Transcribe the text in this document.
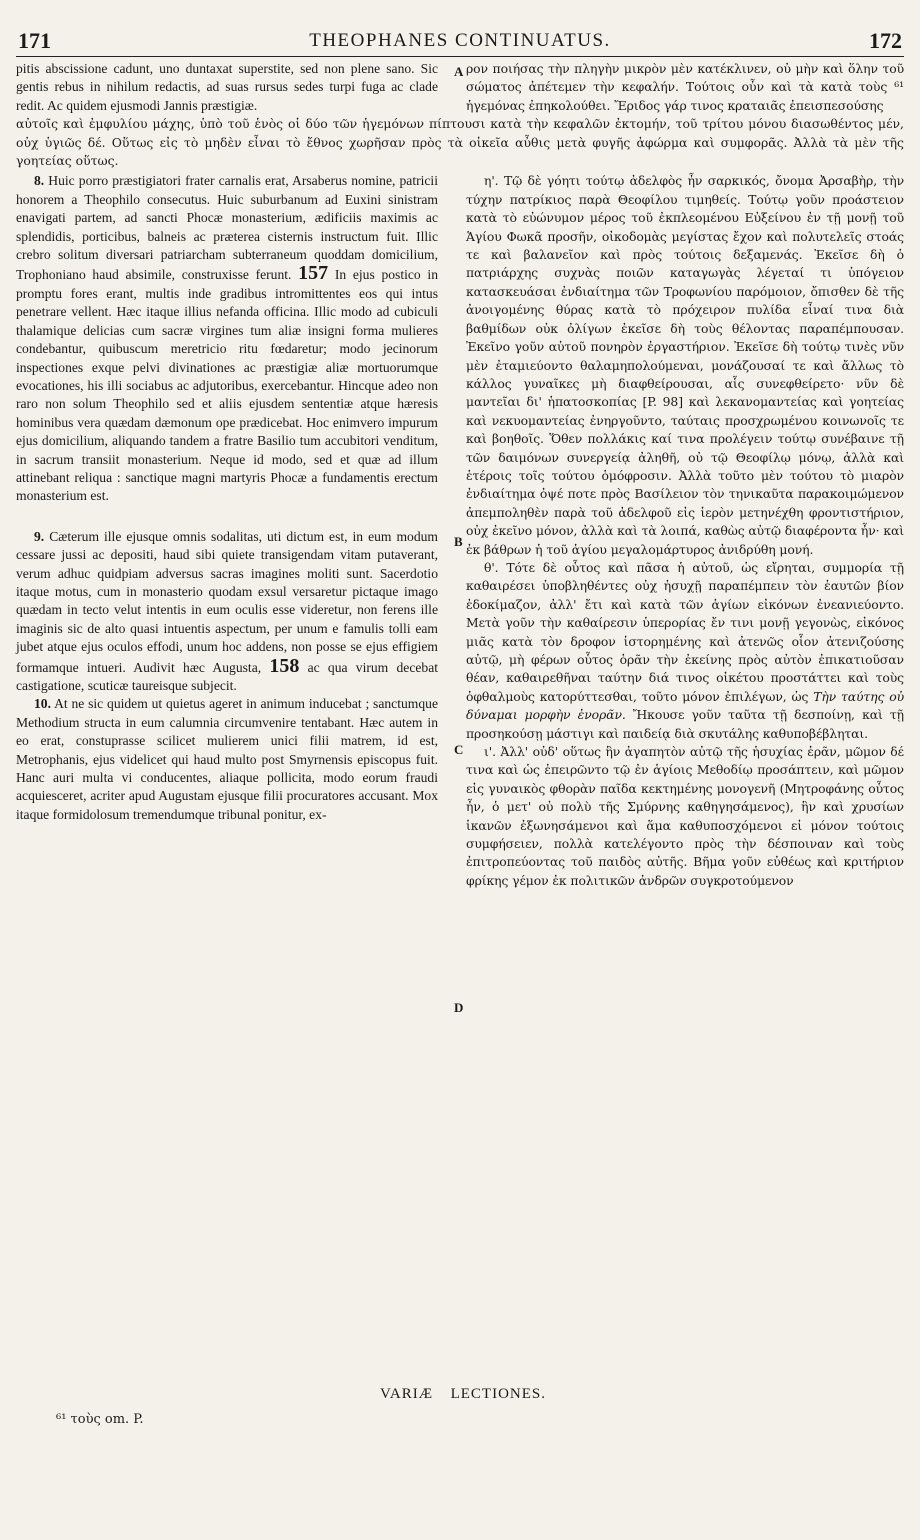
171	THEOPHANES CONTINUATUS.	172

pitis abscissione cadunt, uno duntaxat superstite, sed non plene sano. Sic gentis rebus in nihilum redactis, ad suas rursus sedes turpi fuga ac clade redit. Ac quidem ejusmodi Jannis præstigiæ.

ρον ποιήσας τὴν πληγὴν μικρὸν μὲν κατέκλινεν, οὐ μὴν καὶ ὅλην τοῦ σώματος ἀπέτεμεν τὴν κεφαλήν. Τούτοις οὖν καὶ τὰ κατὰ τοὺς ⁶¹ ἡγεμόνας ἐπηκολούθει. Ἔριδος γάρ τινος κραταιᾶς ἐπεισπεσούσης

αὐτοῖς καὶ ἐμφυλίου μάχης, ὑπὸ τοῦ ἑνὸς οἱ δύο τῶν ἡγεμόνων πίπτουσι κατὰ τὴν κεφαλῶν ἐκτομήν, τοῦ τρίτου μόνου διασωθέντος μέν, οὐχ ὑγιῶς δέ. Οὕτως εἰς τὸ μηδὲν εἶναι τὸ ἔθνος χωρῆσαν πρὸς τὰ οἰκεῖα αὖθις μετὰ φυγῆς ἀφώρμα καὶ συμφορᾶς. Ἀλλὰ τὰ μὲν τῆς γοητείας οὕτως.

8. Huic porro præstigiatori frater carnalis erat, Arsaberus nomine, patricii honorem a Theophilo consecutus. Huic suburbanum ad Euxini sinistram enavigati partem, ad sancti Phocæ monasterium, ædificiis maximis ac splendidis, porticibus, balneis ac præterea cisternis instructum fuit. Illic crebro solitum diversari patriarcham subterraneum quoddam domicilium, Trophoniano haud absimile, construxisse ferunt. 157 In ejus postico in promptu fores erant, multis inde gradibus intromittentes eos qui intus penetrare vellent. Hæc itaque illius nefanda officina. Illic modo ad cubiculi thalamique delicias cum sacræ virgines tum aliæ insigni forma mulieres condebantur, quibuscum meretricio ritu fœdaretur; modo jecinorum inspectiones exque pelvi divinationes ac præstigiæ aliæ mortuorumque evocationes, his illi sociabus ac adjutoribus, exercebantur. Hincque adeo non raro non solum Theophilo sed et aliis ejusdem sententiæ atque hæresis hominibus vera quædam dæmonum ope prædicebat. Hoc enimvero impurum ejus domicilium, aliquando tandem a fratre Basilio tum accubitori venditum, in sacrum transiit monasterium. Neque id modo, sed et quæ ad illum attinebant reliqua : sanctique magni martyris Phocæ a fundamentis erectum monasterium est.

9. Cæterum ille ejusque omnis sodalitas, uti dictum est, in eum modum cessare jussi ac depositi, haud sibi quiete transigendam vitam putaverant, verum adhuc quidpiam adversus sacras imagines moliti sunt. Sacerdotio itaque motus, cum in monasterio quodam exsul versaretur pictaque imago quædam in tecto velut intentis in eum oculis esse videretur, non ferens ille imaginis sic de alto quasi intuentis aspectum, per unum e famulis tolli eam jubet atque ejus oculos effodi, unum hoc addens, non posse se ejus effigiem formamque intueri. Audivit hæc Augusta, 158 ac qua virum decebat castigatione, scuticæ taureisque subjecit.

10. At ne sic quidem ut quietus ageret in animum inducebat ; sanctumque Methodium structa in eum calumnia circumvenire tentabant. Hæc autem in eo erat, constuprasse scilicet mulierem unici filii matrem, id est, Metrophanis, ejus videlicet qui haud multo post Smyrnensis episcopus fuit. Hanc auri multa vi conducentes, aliaque pollicita, modo eorum fraudi acquiesceret, acriter apud Augustam ejusque filii procuratores accusant. Mox itaque formidolosum tremendumque tribunal ponitur, ex-

η'. Τῷ δὲ γόητι τούτῳ ἀδελφὸς ἦν σαρκικός, ὄνομα Ἀρσαβὴρ, τὴν τύχην πατρίκιος παρὰ Θεοφίλου τιμηθείς. Τούτῳ γοῦν προάστειον κατὰ τὸ εὐώνυμον μέρος τοῦ ἐκπλεομένου Εὐξείνου ἐν τῇ μονῇ τοῦ Ἁγίου Φωκᾶ προσῆν, οἰκοδομὰς μεγίστας ἔχον καὶ πολυτελεῖς στοάς τε καὶ βαλανεῖον καὶ πρὸς τούτοις δεξαμενάς. Ἐκεῖσε δὴ ὁ πατριάρχης συχνὰς ποιῶν καταγωγὰς λέγεταί τι ὑπόγειον κατασκευάσαι ἐνδιαίτημα τῶν Τροφωνίου παρόμοιον, ὄπισθεν δὲ τῆς ἀνοιγομένης θύρας κατὰ τὸ πρόχειρον πυλίδα εἶναί τινα διὰ βαθμίδων οὐκ ὀλίγων ἐκεῖσε δὴ τοὺς θέλοντας παραπέμπουσαν. Ἐκεῖνο γοῦν αὐτοῦ πονηρὸν ἐργαστήριον. Ἐκεῖσε δὴ τούτῳ τινὲς νῦν μὲν ἐταμιεύοντο θαλαμηπολούμεναι, μονάζουσαί τε καὶ ἄλλως τὸ κάλλος γυναῖκες μὴ διαφθείρουσαι, αἷς συνεφθείρετο· νῦν δὲ μαντεῖαι δι' ἡπατοσκοπίας [P. 98] καὶ λεκανομαντείας καὶ γοητείας καὶ νεκυομαντείας ἐνηργοῦντο, ταύταις προσχρωμένου κοινωνοῖς τε καὶ βοηθοῖς. Ὅθεν πολλάκις καί τινα προλέγειν τούτῳ συνέβαινε τῇ τῶν δαιμόνων συνεργείᾳ ἀληθῆ, οὐ τῷ Θεοφίλῳ μόνῳ, ἀλλὰ καὶ ἑτέροις τοῖς τούτου ὁμόφροσιν. Ἀλλὰ τοῦτο μὲν τούτου τὸ μιαρὸν ἐνδιαίτημα ὀψέ ποτε πρὸς Βασίλειον τὸν τηνικαῦτα παρακοιμώμενον ἀπεμποληθὲν παρὰ τοῦ ἀδελφοῦ εἰς ἱερὸν μετηνέχθη φροντιστήριον, οὐχ ἐκεῖνο μόνον, ἀλλὰ καὶ τὰ λοιπά, καθὼς αὐτῷ διαφέροντα ἦν· καὶ ἐκ βάθρων ἡ τοῦ ἁγίου μεγαλομάρτυρος ἀνιδρύθη μονή.

θ'. Τότε δὲ οὗτος καὶ πᾶσα ἡ αὐτοῦ, ὡς εἴρηται, συμμορία τῇ καθαιρέσει ὑποβληθέντες οὐχ ἡσυχῇ παραπέμπειν τὸν ἑαυτῶν βίον ἐδοκίμαζον, ἀλλ' ἔτι καὶ κατὰ τῶν ἁγίων εἰκόνων ἐνεανιεύοντο. Μετὰ γοῦν τὴν καθαίρεσιν ὑπερορίας ἔν τινι μονῇ γεγονὼς, εἰκόνος μιᾶς κατὰ τὸν δροφον ἱστορημένης καὶ ἀτενῶς οἷον ἀτενιζούσης αὐτῷ, μὴ φέρων οὗτος ὁρᾶν τὴν ἐκείνης πρὸς αὐτὸν ἐπικατιοῦσαν θέαν, καθαιρεθῆναι ταύτην διά τινος οἰκέτου προστάττει καὶ τοὺς ὀφθαλμοὺς κατορύττεσθαι, τοῦτο μόνον ἐπιλέγων, ὡς Τὴν ταύτης οὐ δύναμαι μορφὴν ἐνορᾶν. Ἤκουσε γοῦν ταῦτα τῇ δεσποίνῃ, καὶ τῇ προσηκούσῃ μάστιγι καὶ παιδείᾳ διὰ σκυτάλης καθυποβέβληται.

ι'. Ἀλλ' οὐδ' οὕτως ἣν ἀγαπητὸν αὐτῷ τῆς ἡσυχίας ἐρᾶν, μῶμον δέ τινα καὶ ὡς ἐπειρῶντο τῷ ἐν ἁγίοις Μεθοδίῳ προσάπτειν, καὶ μῶμον εἰς γυναικὸς φθορὰν παῖδα κεκτημένης μονογενῆ (Μητροφάνης οὗτος ἦν, ὁ μετ' οὐ πολὺ τῆς Σμύρνης καθηγησάμενος), ἣν καὶ χρυσίων ἱκανῶν ἐξωνησάμενοι καὶ ἅμα καθυποσχόμενοι εἰ μόνον τούτοις συμφήσειεν, πολλὰ κατελέγοντο πρὸς τὴν δέσποιναν καὶ τοὺς ἐπιτροπεύοντας τοῦ παιδὸς αὐτῆς. Βῆμα γοῦν εὐθέως καὶ κριτήριον φρίκης γέμον ἐκ πολιτικῶν ἀνδρῶν συγκροτούμενον

A
B
C
D
VARIÆ LECTIONES.
⁶¹ τοὺς om. P.
